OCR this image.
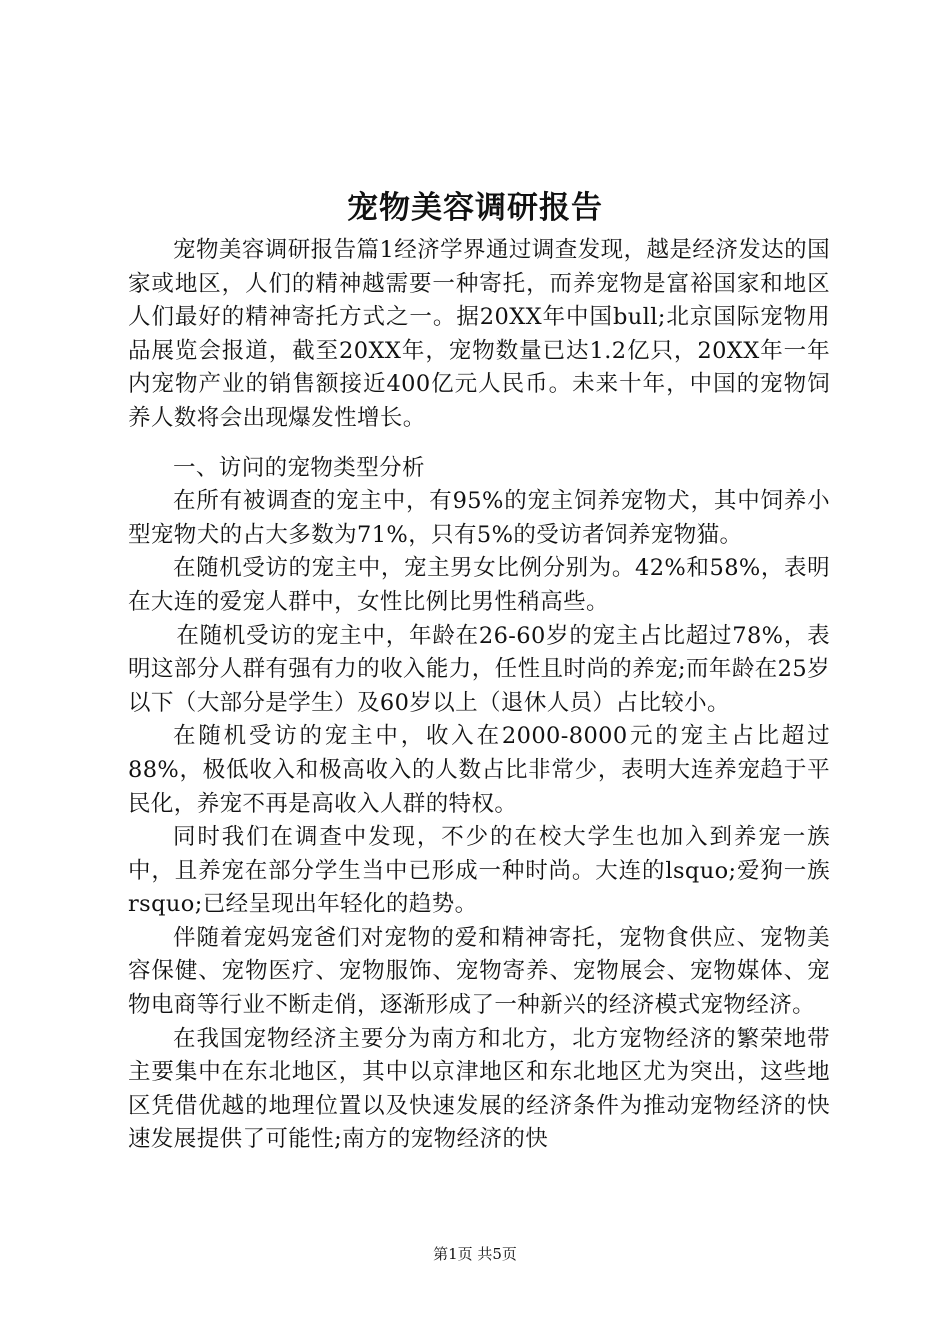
宠物美容调研报告

宠物美容调研报告篇1经济学界通过调查发现，越是经济发达的国家或地区，人们的精神越需要一种寄托，而养宠物是富裕国家和地区人们最好的精神寄托方式之一。据20XX年中国bull;北京国际宠物用品展览会报道，截至20XX年，宠物数量已达1.2亿只，20XX年一年内宠物产业的销售额接近400亿元人民币。未来十年，中国的宠物饲养人数将会出现爆发性增长。

一、访问的宠物类型分析

在所有被调查的宠主中，有95%的宠主饲养宠物犬，其中饲养小型宠物犬的占大多数为71%，只有5%的受访者饲养宠物猫。

在随机受访的宠主中，宠主男女比例分别为。42%和58%，表明在大连的爱宠人群中，女性比例比男性稍高些。

在随机受访的宠主中，年龄在26-60岁的宠主占比超过78%，表明这部分人群有强有力的收入能力，任性且时尚的养宠;而年龄在25岁以下（大部分是学生）及60岁以上（退休人员）占比较小。

在随机受访的宠主中，收入在2000-8000元的宠主占比超过88%，极低收入和极高收入的人数占比非常少，表明大连养宠趋于平民化，养宠不再是高收入人群的特权。

同时我们在调查中发现，不少的在校大学生也加入到养宠一族中，且养宠在部分学生当中已形成一种时尚。大连的lsquo;爱狗一族rsquo;已经呈现出年轻化的趋势。

伴随着宠妈宠爸们对宠物的爱和精神寄托，宠物食供应、宠物美容保健、宠物医疗、宠物服饰、宠物寄养、宠物展会、宠物媒体、宠物电商等行业不断走俏，逐渐形成了一种新兴的经济模式宠物经济。

在我国宠物经济主要分为南方和北方，北方宠物经济的繁荣地带主要集中在东北地区，其中以京津地区和东北地区尤为突出，这些地区凭借优越的地理位置以及快速发展的经济条件为推动宠物经济的快速发展提供了可能性;南方的宠物经济的快

第1页 共5页
